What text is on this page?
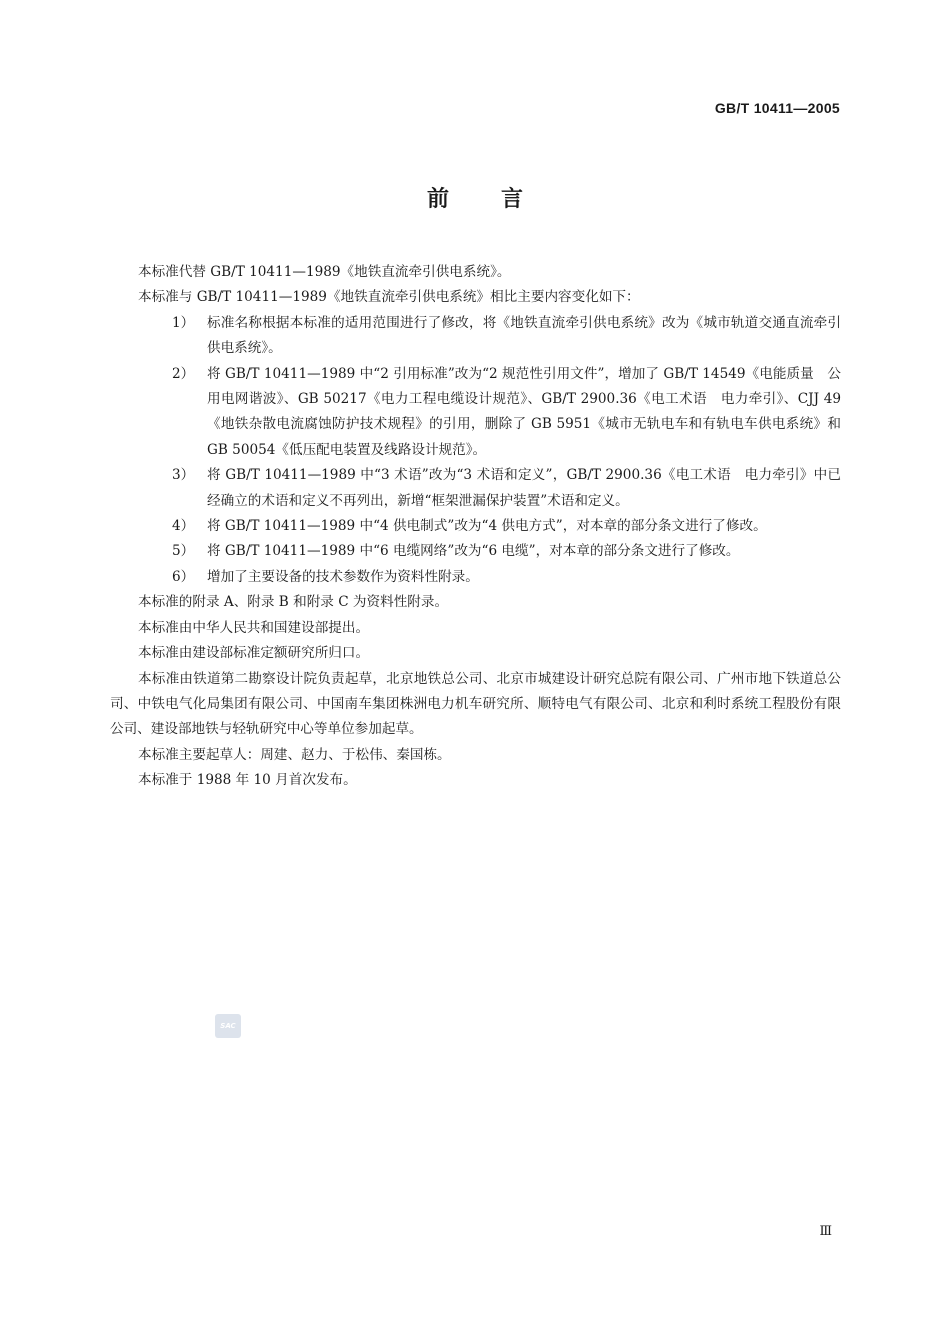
GB/T 10411—2005
前 言

本标准代替 GB/T 10411—1989《地铁直流牵引供电系统》。

本标准与 GB/T 10411—1989《地铁直流牵引供电系统》相比主要内容变化如下：

1） 标准名称根据本标准的适用范围进行了修改，将《地铁直流牵引供电系统》改为《城市轨道交通直流牵引供电系统》。
2） 将 GB/T 10411—1989 中“2 引用标准”改为“2 规范性引用文件”，增加了 GB/T 14549《电能质量　公用电网谐波》、GB 50217《电力工程电缆设计规范》、GB/T 2900.36《电工术语　电力牵引》、CJJ 49《地铁杂散电流腐蚀防护技术规程》的引用，删除了 GB 5951《城市无轨电车和有轨电车供电系统》和 GB 50054《低压配电装置及线路设计规范》。
3） 将 GB/T 10411—1989 中“3 术语”改为“3 术语和定义”，GB/T 2900.36《电工术语　电力牵引》中已经确立的术语和定义不再列出，新增“框架泄漏保护装置”术语和定义。
4） 将 GB/T 10411—1989 中“4 供电制式”改为“4 供电方式”，对本章的部分条文进行了修改。
5） 将 GB/T 10411—1989 中“6 电缆网络”改为“6 电缆”，对本章的部分条文进行了修改。
6） 增加了主要设备的技术参数作为资料性附录。

本标准的附录 A、附录 B 和附录 C 为资料性附录。

本标准由中华人民共和国建设部提出。

本标准由建设部标准定额研究所归口。

本标准由铁道第二勘察设计院负责起草，北京地铁总公司、北京市城建设计研究总院有限公司、广州市地下铁道总公司、中铁电气化局集团有限公司、中国南车集团株洲电力机车研究所、顺特电气有限公司、北京和利时系统工程股份有限公司、建设部地铁与轻轨研究中心等单位参加起草。

本标准主要起草人：周建、赵力、于松伟、秦国栋。

本标准于 1988 年 10 月首次发布。

SAC
Ⅲ
